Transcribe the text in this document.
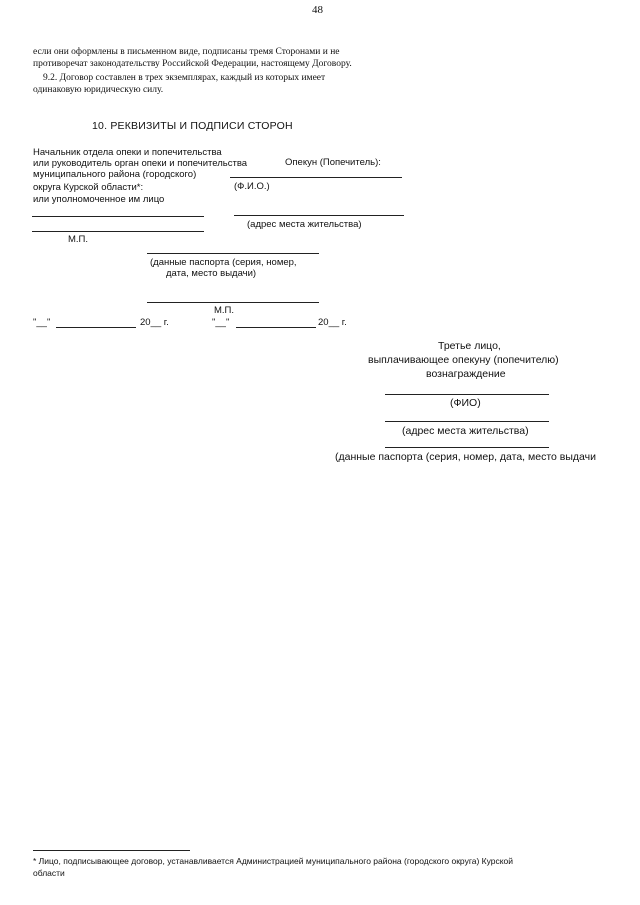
48
если они оформлены в письменном виде, подписаны тремя Сторонами и не
противоречат законодательству Российской Федерации, настоящему Договору.
9.2. Договор составлен в трех экземплярах, каждый из которых имеет
одинаковую юридическую силу.
10. РЕКВИЗИТЫ И ПОДПИСИ СТОРОН
Начальник отдела опеки и попечительства
или руководитель орган опеки и попечительства
муниципального района (городского)
округа Курской области*:
или уполномоченное им лицо
М.П.
Опекун (Попечитель):
(Ф.И.О.)
(адрес места жительства)
(данные паспорта (серия, номер,
дата, место выдачи)
М.П.
"__"	20__ г.	"__"	20__ г.
Третье лицо,
выплачивающее опекуну (попечителю)
вознаграждение
(ФИО)
(адрес места жительства)
(данные паспорта (серия, номер, дата, место выдачи
* Лицо, подписывающее договор, устанавливается Администрацией муниципального района (городского округа) Курской
области
